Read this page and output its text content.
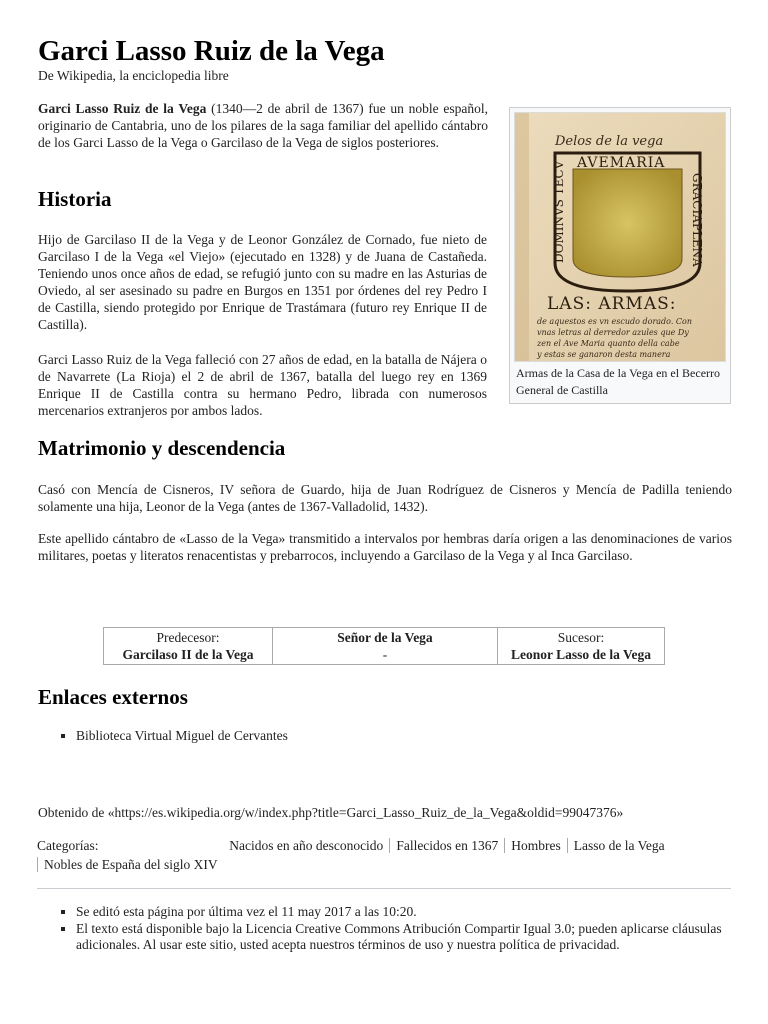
Garci Lasso Ruiz de la Vega
De Wikipedia, la enciclopedia libre

Garci Lasso Ruiz de la Vega (1340—2 de abril de 1367) fue un noble español, originario de Cantabria, uno de los pilares de la saga familiar del apellido cántabro de los Garci Lasso de la Vega o Garcilaso de la Vega de siglos posteriores.	Delos de la vega
AVEMARIA
DOMINVS TECV	GRACIAPLENA
LAS: ARMAS:
de aquestos es vn escudo dorado. Con
vnas letras al derredor azules que Dy
zen el Ave Maria quanto della cabe
y estas se ganaron desta manera
Armas de la Casa de la Vega en el Becerro General de Castilla
Historia

Hijo de Garcilaso II de la Vega y de Leonor González de Cornado, fue nieto de Garcilaso I de la Vega «el Viejo» (ejecutado en 1328) y de Juana de Castañeda. Teniendo unos once años de edad, se refugió junto con su madre en las Asturias de Oviedo, al ser asesinado su padre en Burgos en 1351 por órdenes del rey Pedro I de Castilla, siendo protegido por Enrique de Trastámara (futuro rey Enrique II de Castilla).

Garci Lasso Ruiz de la Vega falleció con 27 años de edad, en la batalla de Nájera o de Navarrete (La Rioja) el 2 de abril de 1367, batalla del luego rey en 1369 Enrique II de Castilla contra su hermano Pedro, librada con numerosos mercenarios extranjeros por ambos lados.

Matrimonio y descendencia

Casó con Mencía de Cisneros, IV señora de Guardo, hija de Juan Rodríguez de Cisneros y Mencía de Padilla teniendo solamente una hija, Leonor de la Vega (antes de 1367-Valladolid, 1432).

Este apellido cántabro de «Lasso de la Vega» transmitido a intervalos por hembras daría origen a las denominaciones de varios militares, poetas y literatos renacentistas y prebarrocos, incluyendo a Garcilaso de la Vega y al Inca Garcilaso.

Predecesor:
Garcilaso II de la Vega

Señor de la Vega
-

Sucesor:
Leonor Lasso de la Vega
Enlaces externos
▪ Biblioteca Virtual Miguel de Cervantes
Obtenido de «https://es.wikipedia.org/w/index.php?title=Garci_Lasso_Ruiz_de_la_Vega&oldid=99047376»
Categorías:	Nacidos en año desconocido Fallecidos en 1367 Hombres Lasso de la Vega
Nobles de España del siglo XIV
▪ Se editó esta página por última vez el 11 may 2017 a las 10:20.
▪ El texto está disponible bajo la Licencia Creative Commons Atribución Compartir Igual 3.0; pueden aplicarse cláusulas adicionales. Al usar este sitio, usted acepta nuestros términos de uso y nuestra política de privacidad.
